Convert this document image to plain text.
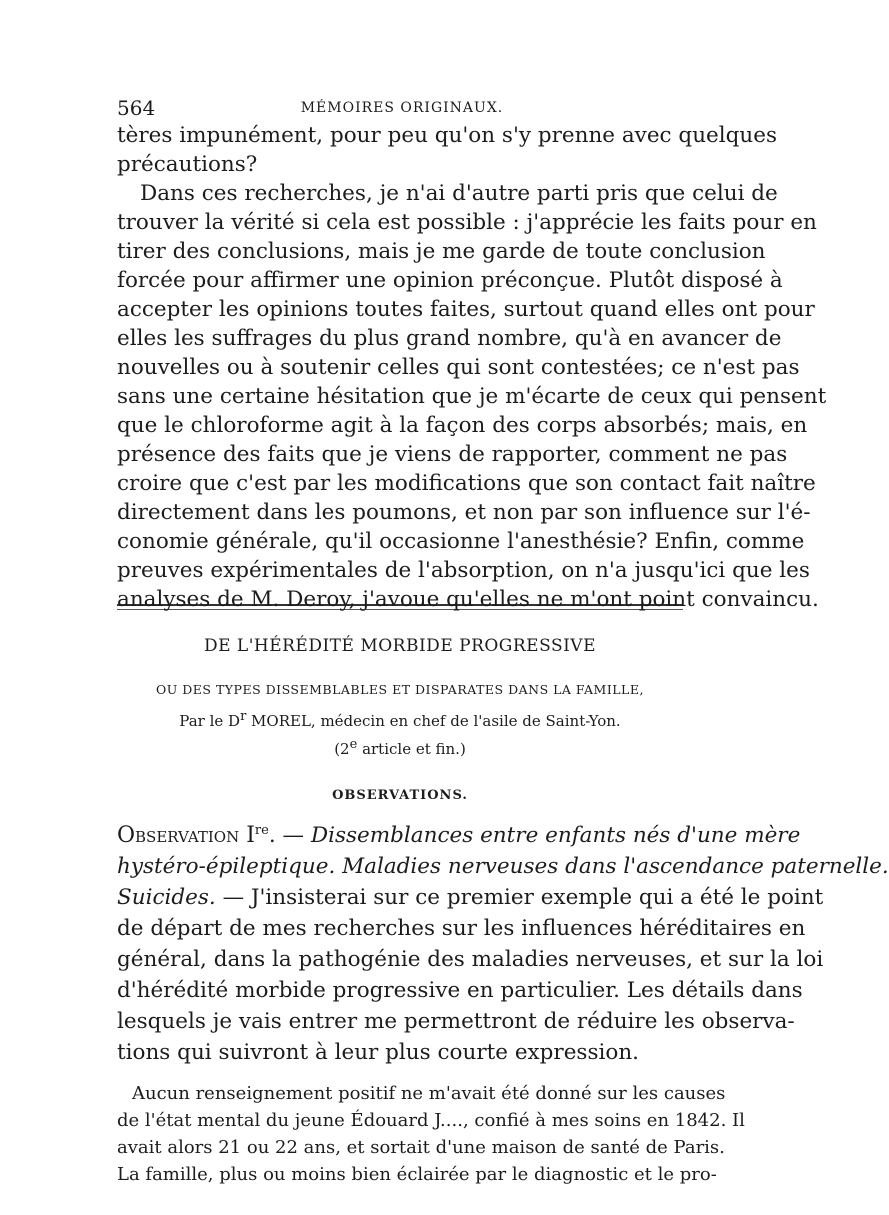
564	MÉMOIRES ORIGINAUX.
tères impunément, pour peu qu'on s'y prenne avec quelques
précautions?
Dans ces recherches, je n'ai d'autre parti pris que celui de
trouver la vérité si cela est possible : j'apprécie les faits pour en
tirer des conclusions, mais je me garde de toute conclusion
forcée pour affirmer une opinion préconçue. Plutôt disposé à
accepter les opinions toutes faites, surtout quand elles ont pour
elles les suffrages du plus grand nombre, qu'à en avancer de
nouvelles ou à soutenir celles qui sont contestées; ce n'est pas
sans une certaine hésitation que je m'écarte de ceux qui pensent
que le chloroforme agit à la façon des corps absorbés; mais, en
présence des faits que je viens de rapporter, comment ne pas
croire que c'est par les modifications que son contact fait naître
directement dans les poumons, et non par son influence sur l'é-
conomie générale, qu'il occasionne l'anesthésie? Enfin, comme
DE L'HÉRÉDITÉ MORBIDE PROGRESSIVE
OU DES TYPES DISSEMBLABLES ET DISPARATES DANS LA FAMILLE,
Par le Dr MOREL, médecin en chef de l'asile de Saint-Yon.
(2e article et fin.)
OBSERVATIONS.
Observation Ire. — Dissemblances entre enfants nés d'une mère
hystéro-épileptique. Maladies nerveuses dans l'ascendance paternelle.
Suicides. — J'insisterai sur ce premier exemple qui a été le point
de départ de mes recherches sur les influences héréditaires en
général, dans la pathogénie des maladies nerveuses, et sur la loi
d'hérédité morbide progressive en particulier. Les détails dans
lesquels je vais entrer me permettront de réduire les observa-
tions qui suivront à leur plus courte expression.
Aucun renseignement positif ne m'avait été donné sur les causes
de l'état mental du jeune Édouard J...., confié à mes soins en 1842. Il
avait alors 21 ou 22 ans, et sortait d'une maison de santé de Paris.
La famille, plus ou moins bien éclairée par le diagnostic et le pro-
preuves expérimentales de l'absorption, on n'a jusqu'ici que les
analyses de M. Deroy, j'avoue qu'elles ne m'ont point convaincu.
